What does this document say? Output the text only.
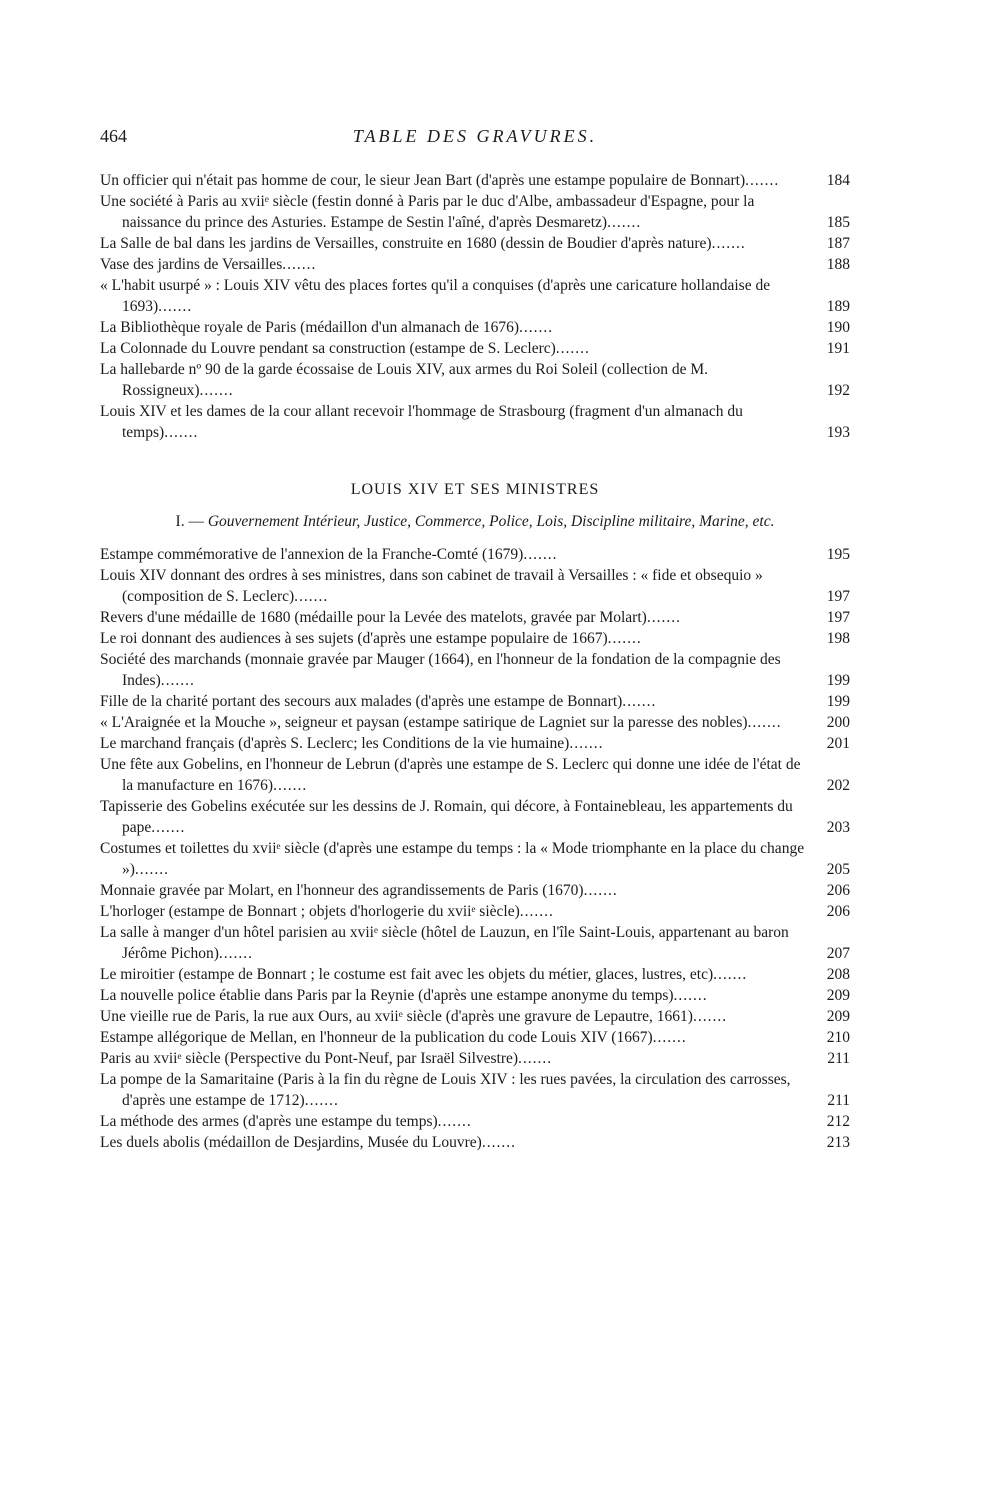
464	TABLE DES GRAVURES.
Un officier qui n'était pas homme de cour, le sieur Jean Bart (d'après une estampe populaire de Bonnart).......	184
Une société à Paris au xviiᵉ siècle (festin donné à Paris par le duc d'Albe, ambassadeur d'Espagne, pour la naissance du prince des Asturies. Estampe de Sestin l'aîné, d'après Desmaretz).......	185
La Salle de bal dans les jardins de Versailles, construite en 1680 (dessin de Boudier d'après nature).......	187
Vase des jardins de Versailles.......	188
« L'habit usurpé » : Louis XIV vêtu des places fortes qu'il a conquises (d'après une caricature hollandaise de 1693).......	189
La Bibliothèque royale de Paris (médaillon d'un almanach de 1676).......	190
La Colonnade du Louvre pendant sa construction (estampe de S. Leclerc).......	191
La hallebarde nº 90 de la garde écossaise de Louis XIV, aux armes du Roi Soleil (collection de M. Rossigneux).......	192
Louis XIV et les dames de la cour allant recevoir l'hommage de Strasbourg (fragment d'un almanach du temps).......	193
LOUIS XIV ET SES MINISTRES
I. — Gouvernement Intérieur, Justice, Commerce, Police, Lois, Discipline militaire, Marine, etc.
Estampe commémorative de l'annexion de la Franche-Comté (1679).......	195
Louis XIV donnant des ordres à ses ministres, dans son cabinet de travail à Versailles : « fide et obsequio » (composition de S. Leclerc).......	197
Revers d'une médaille de 1680 (médaille pour la Levée des matelots, gravée par Molart).......	197
Le roi donnant des audiences à ses sujets (d'après une estampe populaire de 1667).......	198
Société des marchands (monnaie gravée par Mauger (1664), en l'honneur de la fondation de la compagnie des Indes).......	199
Fille de la charité portant des secours aux malades (d'après une estampe de Bonnart).......	199
« L'Araignée et la Mouche », seigneur et paysan (estampe satirique de Lagniet sur la paresse des nobles).......	200
Le marchand français (d'après S. Leclerc; les Conditions de la vie humaine).......	201
Une fête aux Gobelins, en l'honneur de Lebrun (d'après une estampe de S. Leclerc qui donne une idée de l'état de la manufacture en 1676).......	202
Tapisserie des Gobelins exécutée sur les dessins de J. Romain, qui décore, à Fontainebleau, les appartements du pape.......	203
Costumes et toilettes du xviiᵉ siècle (d'après une estampe du temps : la « Mode triomphante en la place du change »).......	205
Monnaie gravée par Molart, en l'honneur des agrandissements de Paris (1670).......	206
L'horloger (estampe de Bonnart ; objets d'horlogerie du xviiᵉ siècle).......	206
La salle à manger d'un hôtel parisien au xviiᵉ siècle (hôtel de Lauzun, en l'île Saint-Louis, appartenant au baron Jérôme Pichon).......	207
Le miroitier (estampe de Bonnart ; le costume est fait avec les objets du métier, glaces, lustres, etc).......	208
La nouvelle police établie dans Paris par la Reynie (d'après une estampe anonyme du temps).......	209
Une vieille rue de Paris, la rue aux Ours, au xviiᵉ siècle (d'après une gravure de Lepautre, 1661).......	209
Estampe allégorique de Mellan, en l'honneur de la publication du code Louis XIV (1667).......	210
Paris au xviiᵉ siècle (Perspective du Pont-Neuf, par Israël Silvestre).......	211
La pompe de la Samaritaine (Paris à la fin du règne de Louis XIV : les rues pavées, la circulation des carrosses, d'après une estampe de 1712).......	211
La méthode des armes (d'après une estampe du temps).......	212
Les duels abolis (médaillon de Desjardins, Musée du Louvre).......	213
